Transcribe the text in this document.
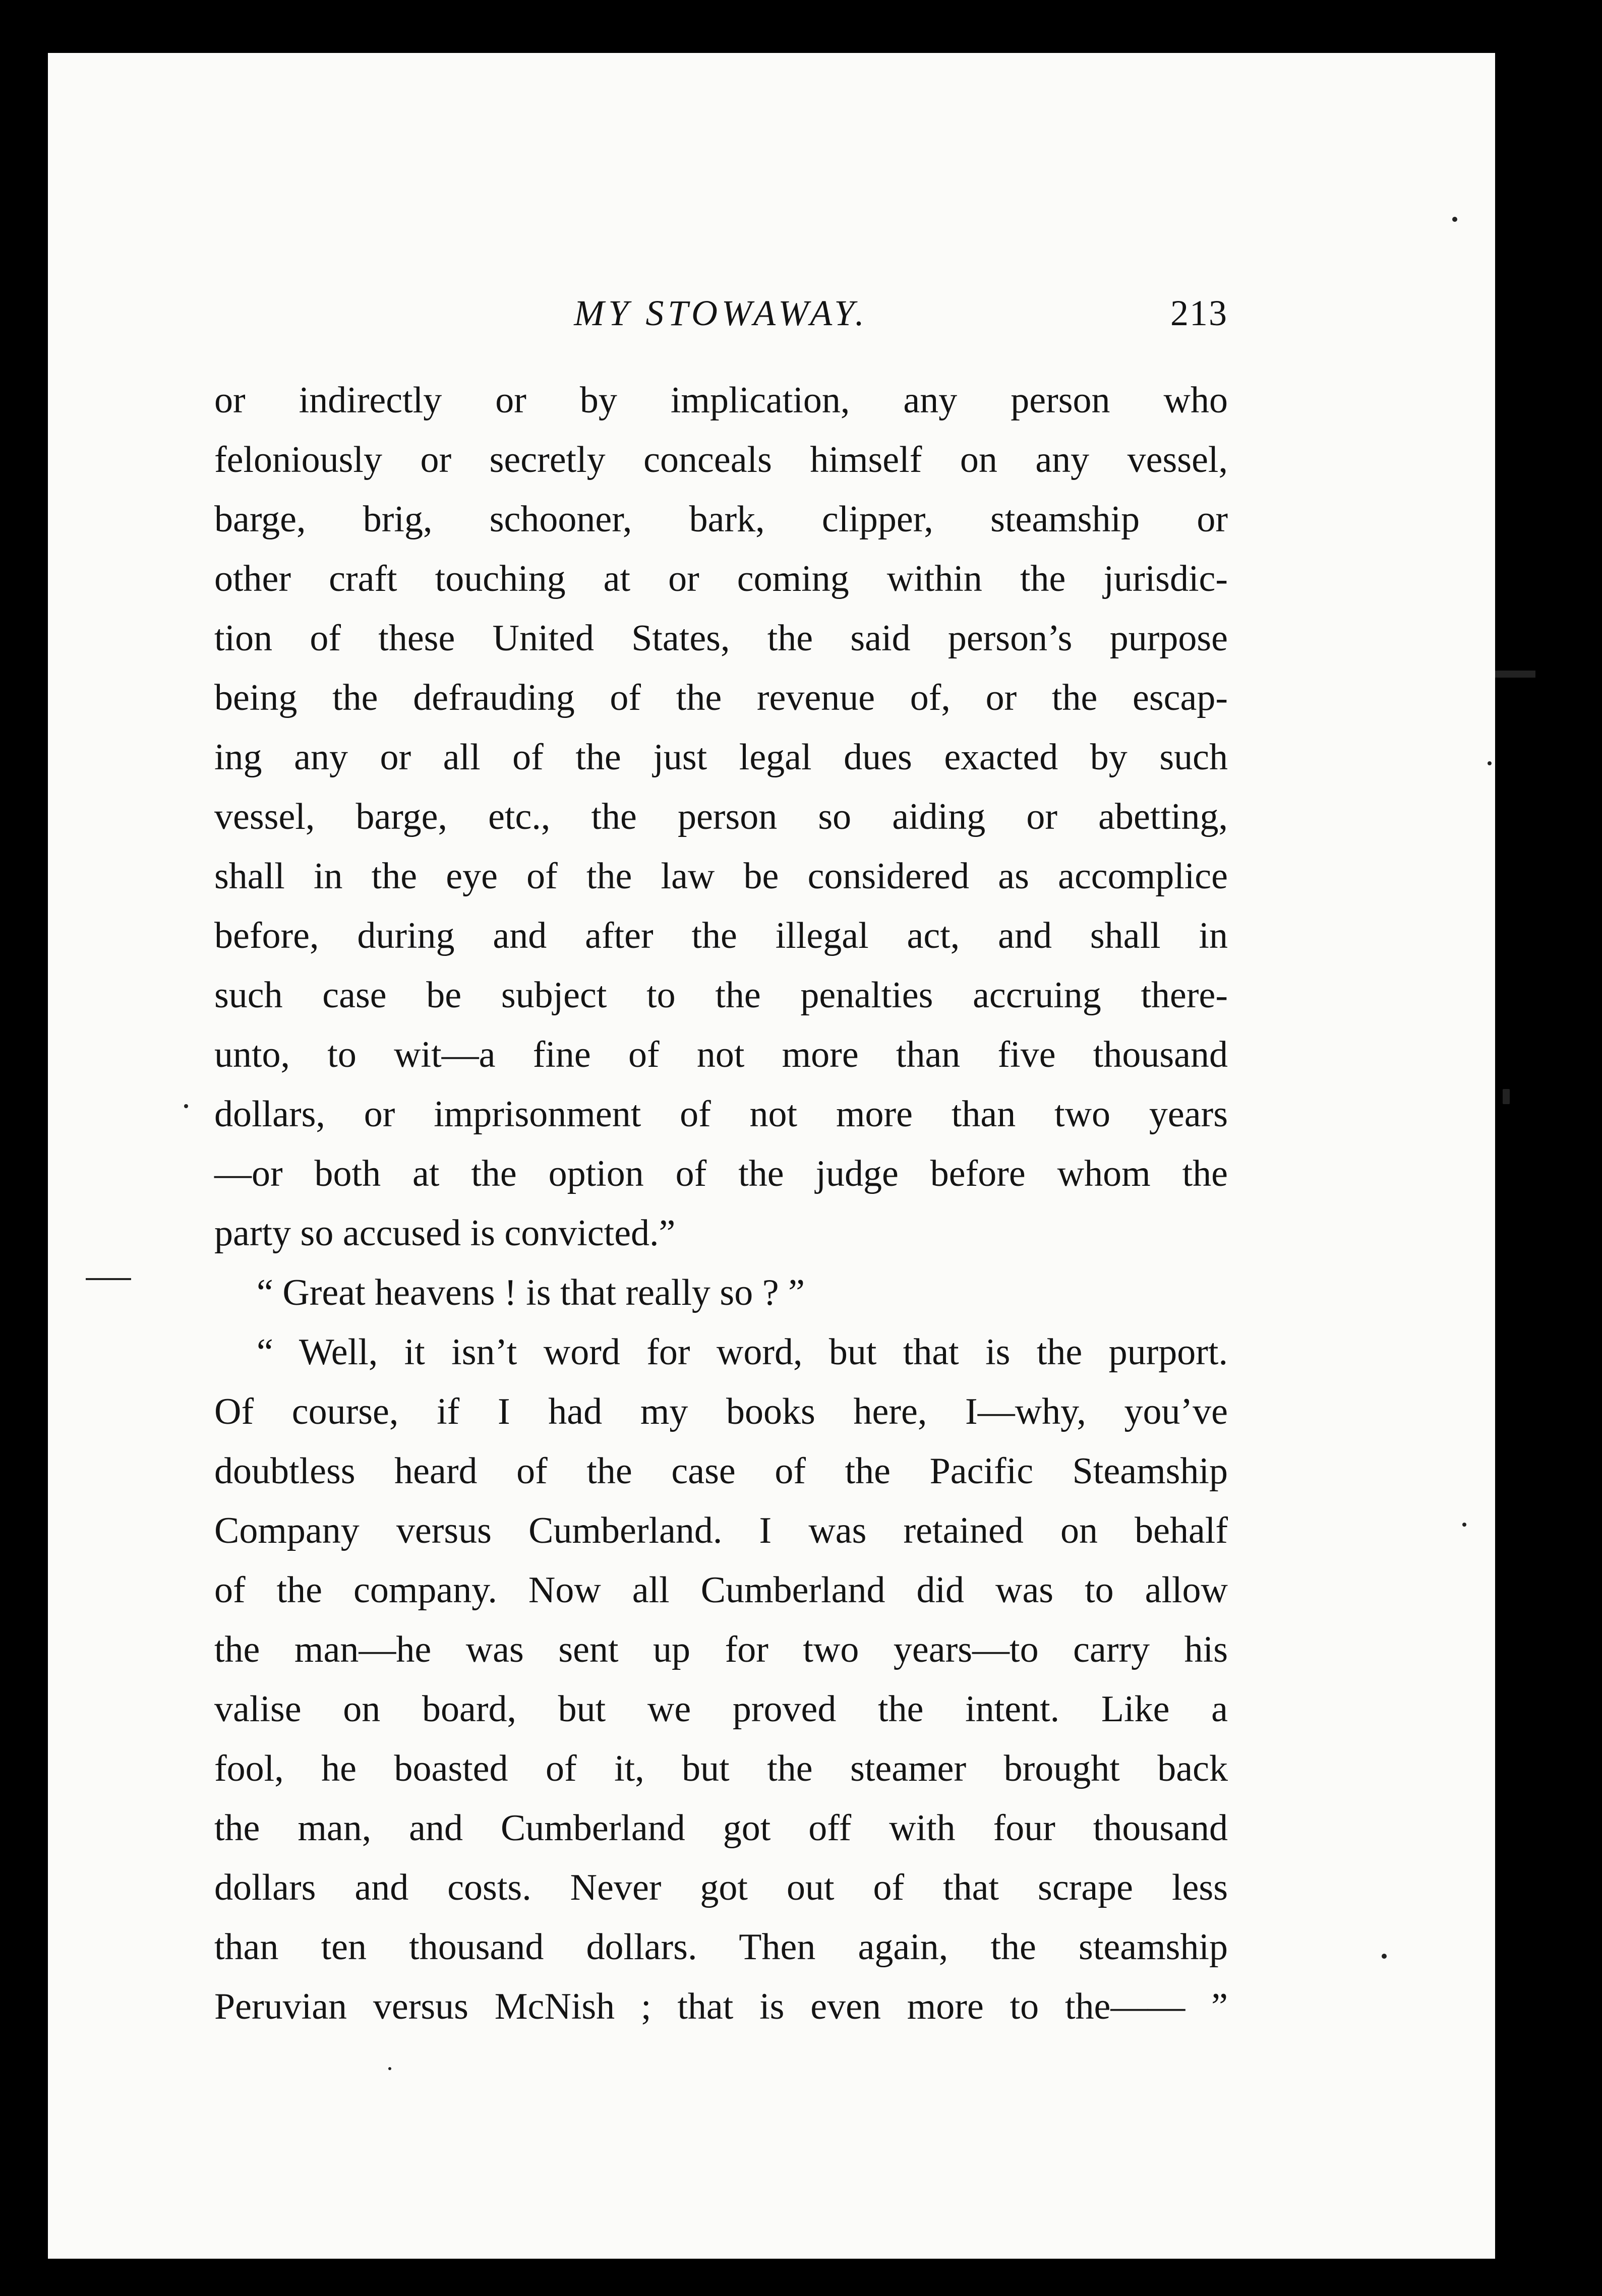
MY STOWAWAY.	213
or indirectly or by implication, any person who
feloniously or secretly conceals himself on any vessel,
barge, brig, schooner, bark, clipper, steamship or
other craft touching at or coming within the jurisdic-
tion of these United States, the said person’s purpose
being the defrauding of the revenue of, or the escap-
ing any or all of the just legal dues exacted by such
vessel, barge, etc., the person so aiding or abetting,
shall in the eye of the law be considered as accomplice
before, during and after the illegal act, and shall in
such case be subject to the penalties accruing there-
unto, to wit—a fine of not more than five thousand
dollars, or imprisonment of not more than two years
—or both at the option of the judge before whom the
party so accused is convicted.”
“ Great heavens ! is that really so ? ”
“ Well, it isn’t word for word, but that is the purport.
Of course, if I had my books here, I—why, you’ve
doubtless heard of the case of the Pacific Steamship
Company versus Cumberland. I was retained on behalf
of the company. Now all Cumberland did was to allow
the man—he was sent up for two years—to carry his
valise on board, but we proved the intent. Like a
fool, he boasted of it, but the steamer brought back
the man, and Cumberland got off with four thousand
dollars and costs. Never got out of that scrape less
than ten thousand dollars. Then again, the steamship
Peruvian versus McNish ; that is even more to the—— ”
